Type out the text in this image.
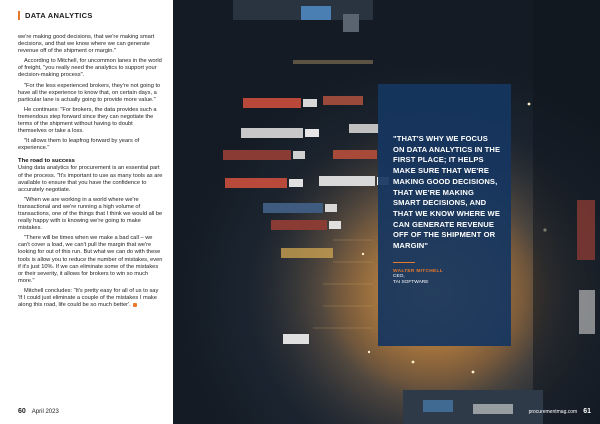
DATA ANALYTICS

we're making good decisions, that we're making smart decisions, and that we know where we can generate revenue off of the shipment or margin."

According to Mitchell, for uncommon lanes in the world of freight, "you really need the analytics to support your decision-making process".

"For the less experienced brokers, they're not going to have all the experience to know that, on certain days, a particular lane is actually going to provide more value."

He continues: "For brokers, the data provides such a tremendous step forward since they can negotiate the terms of the shipment without having to doubt themselves or take a loss.

"It allows them to leapfrog forward by years of experience."

The road to success

Using data analytics for procurement is an essential part of the process. "It's important to use as many tools as are available to ensure that you have the confidence to accurately negotiate.

"When we are working in a world where we're transactional and we're running a high volume of transactions, one of the things that I think we would all be really happy with is knowing we're going to make mistakes.

"There will be times when we make a bad call – we can't cover a load, we can't pull the margin that we're looking for out of this run. But what we can do with these tools is allow you to reduce the number of mistakes, even if it's just 10%. If we can eliminate some of the mistakes or their severity, it allows for brokers to win so much more."

Mitchell concludes: "It's pretty easy for all of us to say 'If I could just eliminate a couple of the mistakes I make along this road, life could be so much better'.

60 April 2023
"THAT'S WHY WE FOCUS ON DATA ANALYTICS IN THE FIRST PLACE; IT HELPS MAKE SURE THAT WE'RE MAKING GOOD DECISIONS, THAT WE'RE MAKING SMART DECISIONS, AND THAT WE KNOW WHERE WE CAN GENERATE REVENUE OFF OF THE SHIPMENT OR MARGIN"
WALTER MITCHELL
CEO,
TAI SOFTWARE
procurementmag.com 61
